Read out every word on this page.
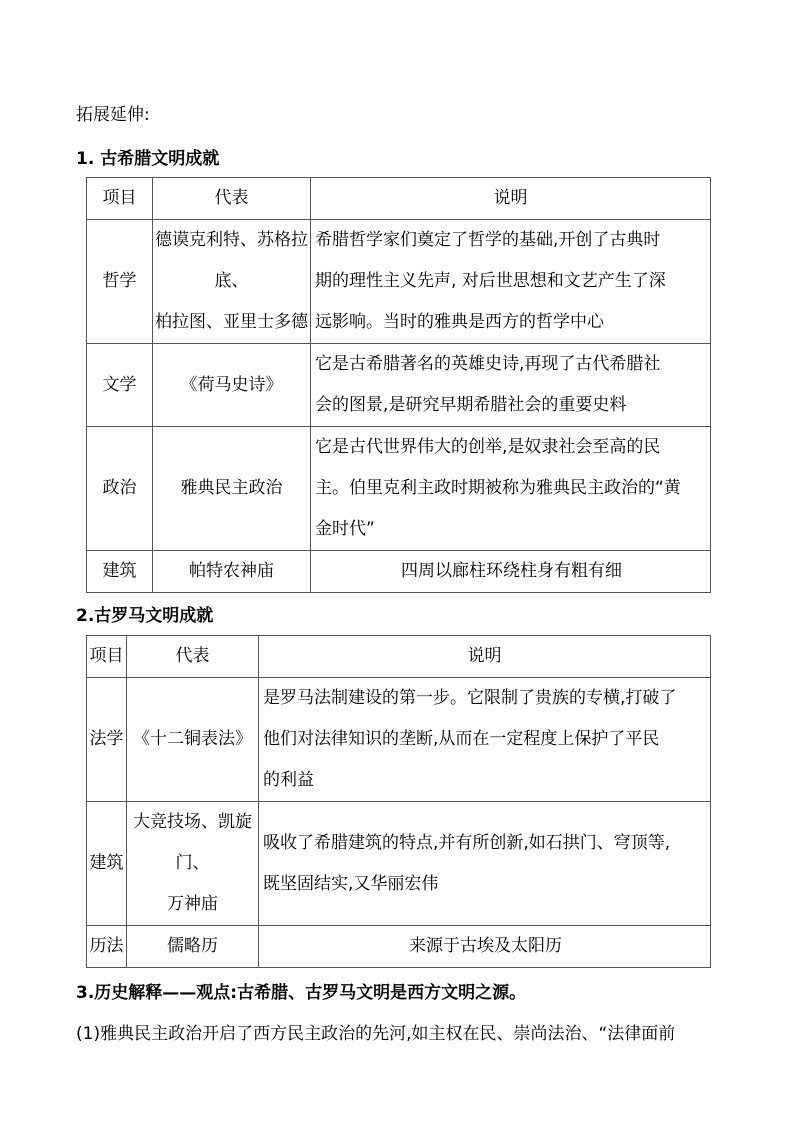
拓展延伸:
1. 古希腊文明成就
项目	代表	说明
哲学	德谟克利特、苏格拉
底、
柏拉图、亚里士多德	希腊哲学家们奠定了哲学的基础,开创了古典时
期的理性主义先声, 对后世思想和文艺产生了深
远影响。当时的雅典是西方的哲学中心

文学	《荷马史诗》	它是古希腊著名的英雄史诗,再现了古代希腊社
会的图景,是研究早期希腊社会的重要史料

政治	雅典民主政治	它是古代世界伟大的创举,是奴隶社会至高的民
主。伯里克利主政时期被称为雅典民主政治的“黄
金时代”

建筑	帕特农神庙	四周以廊柱环绕柱身有粗有细
2.古罗马文明成就
项目	代表	说明
法学	《十二铜表法》	是罗马法制建设的第一步。它限制了贵族的专横,打破了
他们对法律知识的垄断,从而在一定程度上保护了平民
的利益

建筑	大竞技场、凯旋
门、
万神庙	吸收了希腊建筑的特点,并有所创新,如石拱门、穹顶等,
既坚固结实,又华丽宏伟

历法	儒略历	来源于古埃及太阳历
3.历史解释——观点:古希腊、古罗马文明是西方文明之源。
(1)雅典民主政治开启了西方民主政治的先河,如主权在民、崇尚法治、“法律面前
